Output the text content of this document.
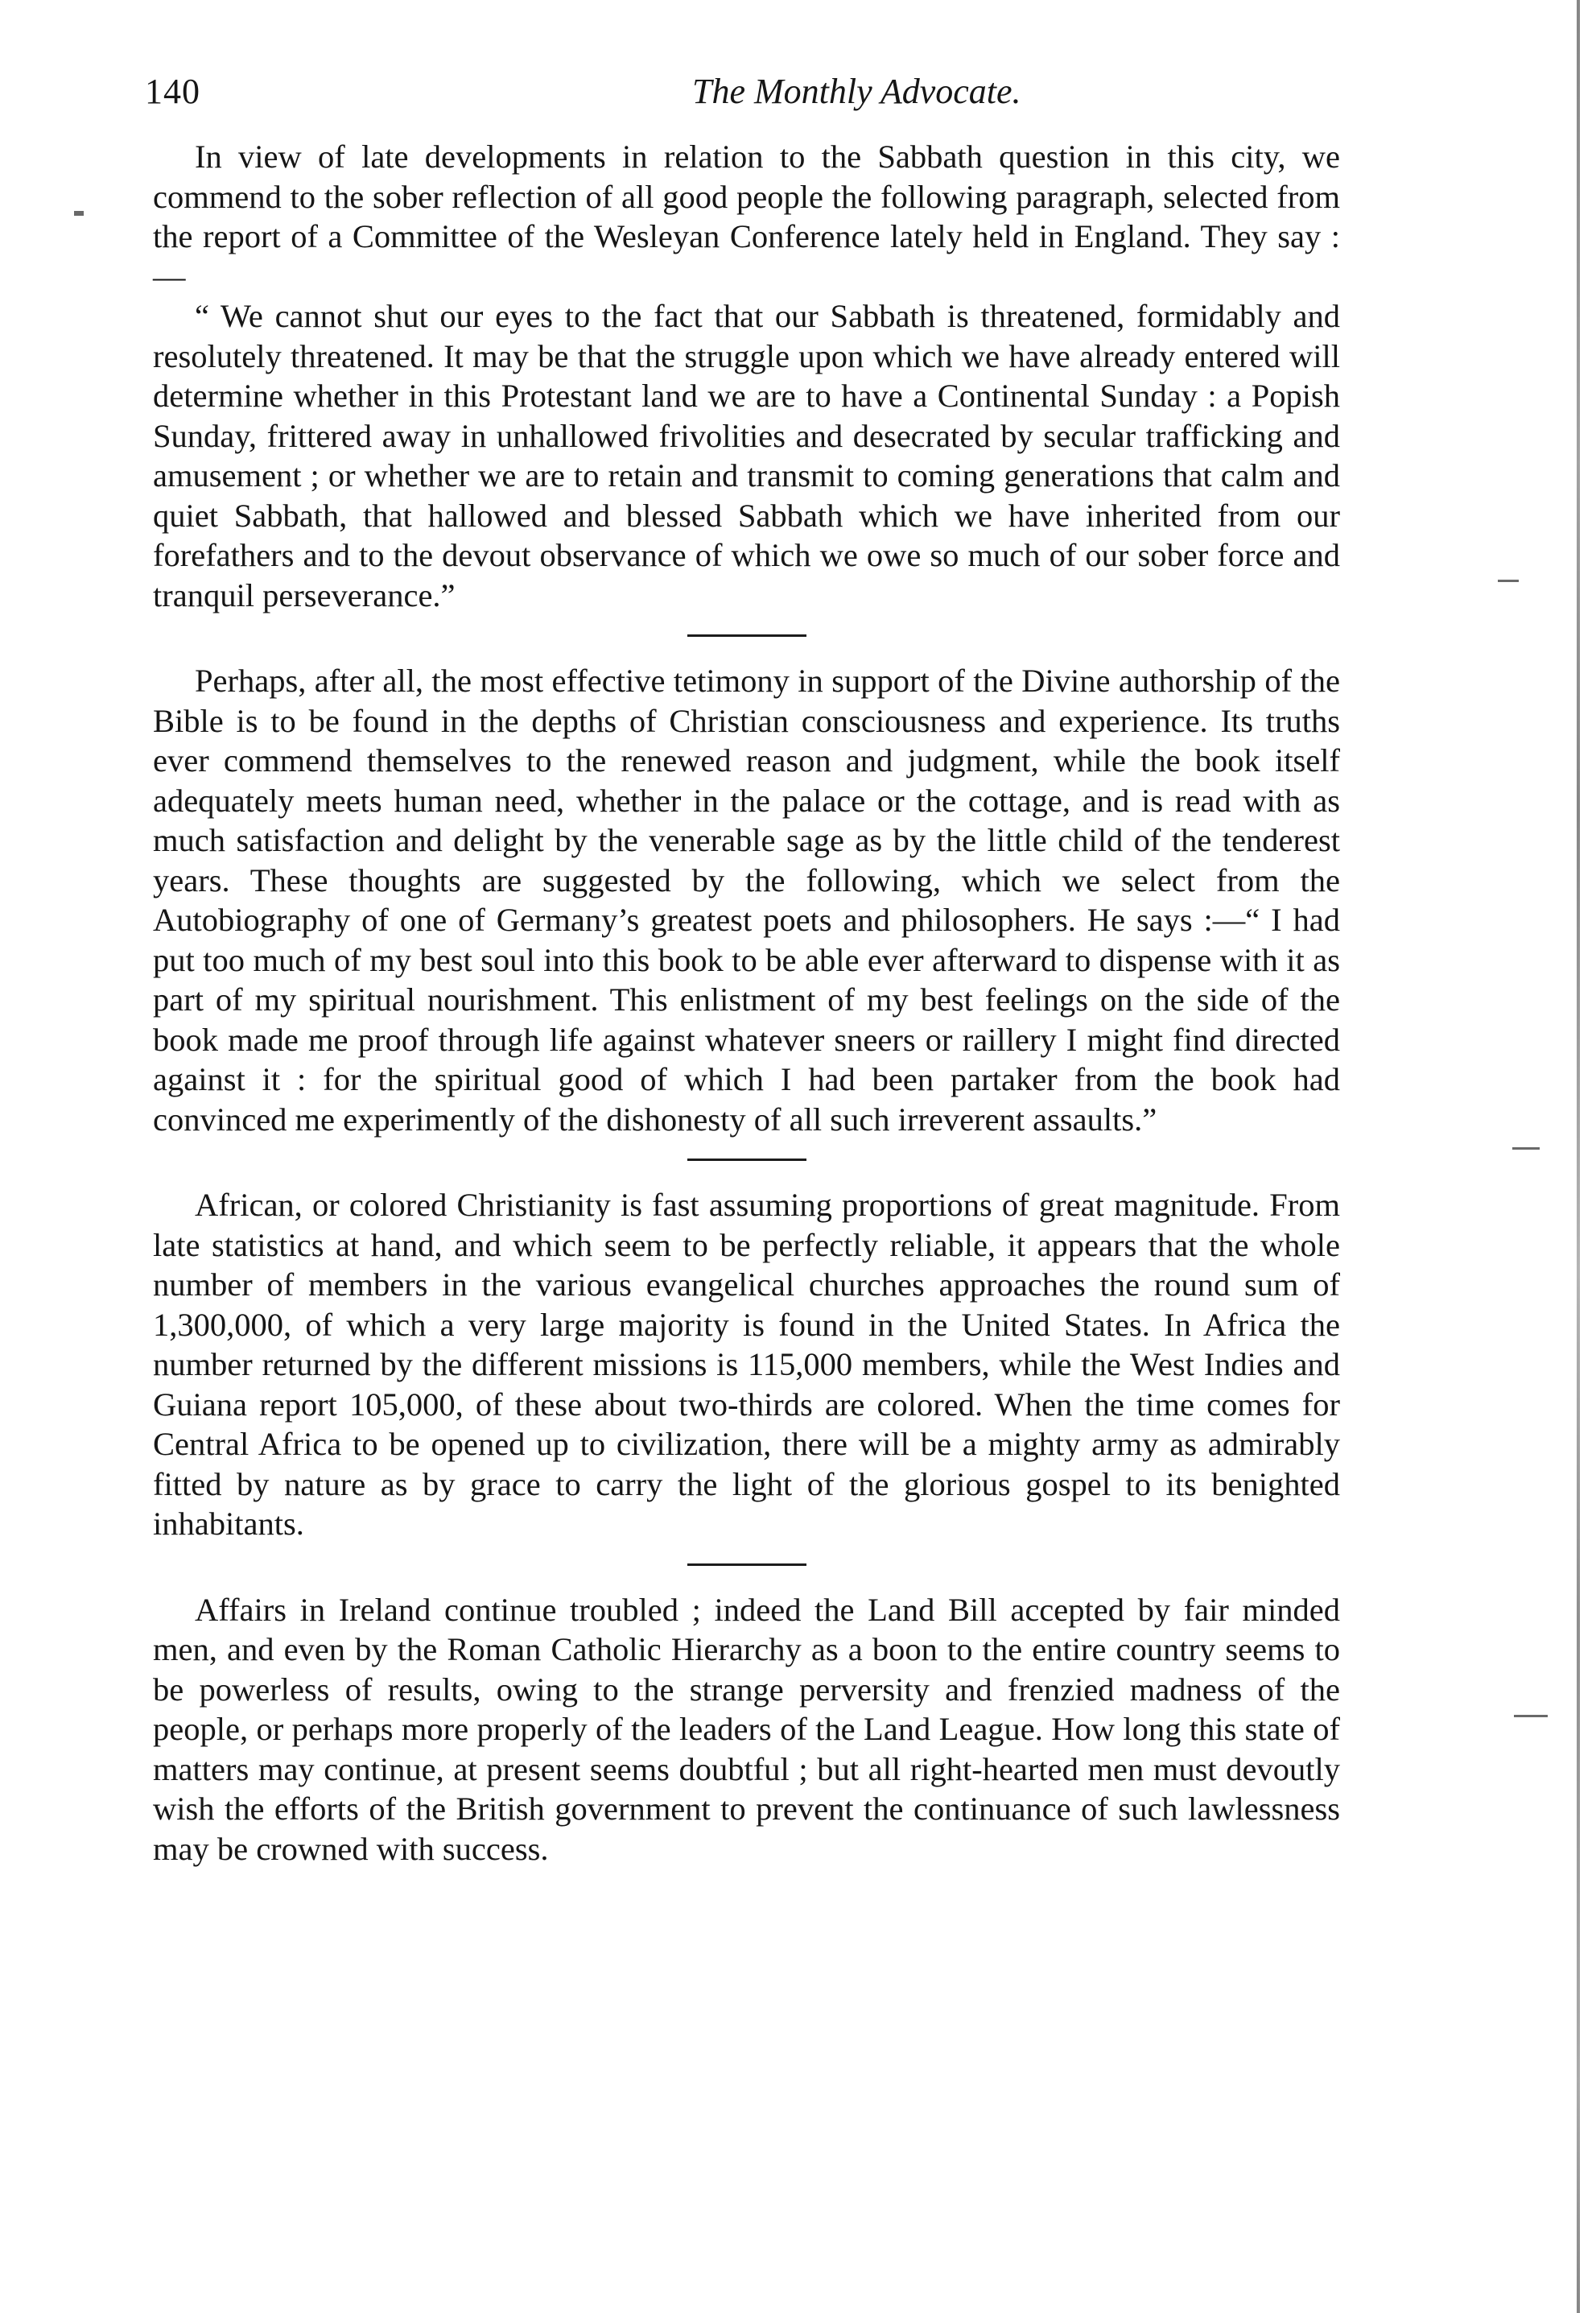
140	The Monthly Advocate.

In view of late developments in relation to the Sabbath question in this city, we commend to the sober reflection of all good people the following paragraph, selected from the report of a Committee of the Wesleyan Conference lately held in England. They say :—

“ We cannot shut our eyes to the fact that our Sabbath is threatened, formidably and resolutely threatened. It may be that the struggle upon which we have already entered will determine whether in this Protestant land we are to have a Continental Sunday : a Popish Sunday, frittered away in unhallowed frivolities and desecrated by secular trafficking and amusement ; or whether we are to retain and transmit to coming generations that calm and quiet Sabbath, that hallowed and blessed Sabbath which we have inherited from our forefathers and to the devout observance of which we owe so much of our sober force and tranquil perseverance.”

Perhaps, after all, the most effective tetimony in support of the Divine authorship of the Bible is to be found in the depths of Christian consciousness and experience. Its truths ever commend themselves to the renewed reason and judgment, while the book itself adequately meets human need, whether in the palace or the cottage, and is read with as much satisfaction and delight by the venerable sage as by the little child of the tenderest years. These thoughts are suggested by the following, which we select from the Autobiography of one of Germany’s greatest poets and philosophers. He says :—“ I had put too much of my best soul into this book to be able ever afterward to dispense with it as part of my spiritual nourishment. This enlistment of my best feelings on the side of the book made me proof through life against whatever sneers or raillery I might find directed against it : for the spiritual good of which I had been partaker from the book had convinced me experimently of the dishonesty of all such irreverent assaults.”

African, or colored Christianity is fast assuming proportions of great magnitude. From late statistics at hand, and which seem to be perfectly reliable, it appears that the whole number of members in the various evangelical churches approaches the round sum of 1,300,000, of which a very large majority is found in the United States. In Africa the number returned by the different missions is 115,000 members, while the West Indies and Guiana report 105,000, of these about two-thirds are colored. When the time comes for Central Africa to be opened up to civilization, there will be a mighty army as admirably fitted by nature as by grace to carry the light of the glorious gospel to its benighted inhabitants.

Affairs in Ireland continue troubled ; indeed the Land Bill accepted by fair minded men, and even by the Roman Catholic Hierarchy as a boon to the entire country seems to be powerless of results, owing to the strange perversity and frenzied madness of the people, or perhaps more properly of the leaders of the Land League. How long this state of matters may continue, at present seems doubtful ; but all right-hearted men must devoutly wish the efforts of the British government to prevent the continuance of such lawlessness may be crowned with success.
